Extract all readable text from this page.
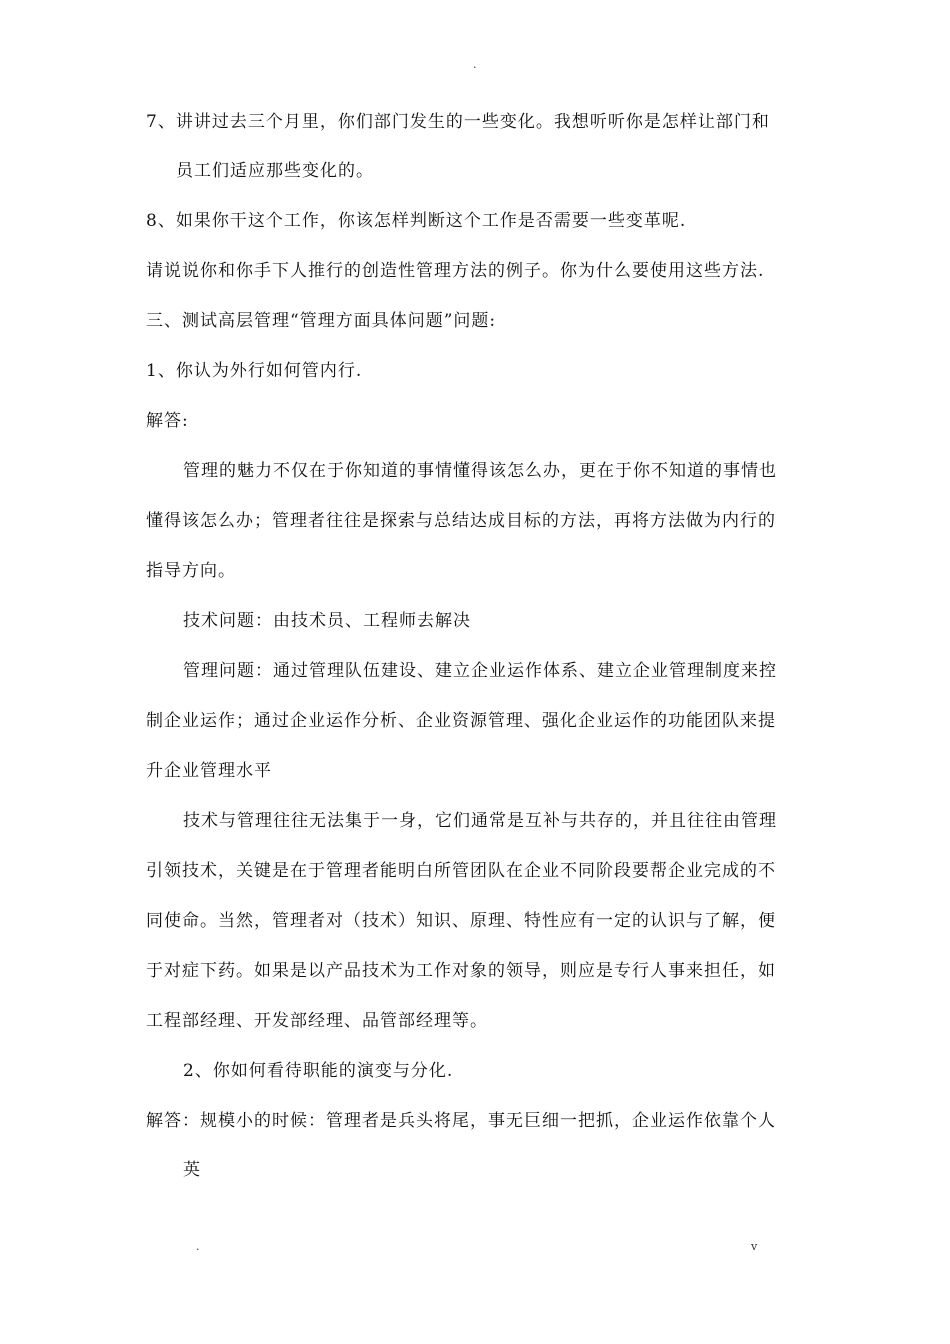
.
7、讲讲过去三个月里，你们部门发生的一些变化。我想听听你是怎样让部门和
员工们适应那些变化的。
8、如果你干这个工作，你该怎样判断这个工作是否需要一些变革呢.
请说说你和你手下人推行的创造性管理方法的例子。你为什么要使用这些方法.
三、测试高层管理“管理方面具体问题”问题:
1、你认为外行如何管内行.
解答:
管理的魅力不仅在于你知道的事情懂得该怎么办，更在于你不知道的事情也
懂得该怎么办；管理者往往是探索与总结达成目标的方法，再将方法做为内行的
指导方向。
技术问题：由技术员、工程师去解决
管理问题：通过管理队伍建设、建立企业运作体系、建立企业管理制度来控
制企业运作；通过企业运作分析、企业资源管理、强化企业运作的功能团队来提
升企业管理水平
技术与管理往往无法集于一身，它们通常是互补与共存的，并且往往由管理
引领技术，关键是在于管理者能明白所管团队在企业不同阶段要帮企业完成的不
同使命。当然，管理者对（技术）知识、原理、特性应有一定的认识与了解，便
于对症下药。如果是以产品技术为工作对象的领导，则应是专行人事来担任，如
工程部经理、开发部经理、品管部经理等。
2、你如何看待职能的演变与分化.
解答：规模小的时候：管理者是兵头将尾，事无巨细一把抓，企业运作依靠个人
英
.	v
